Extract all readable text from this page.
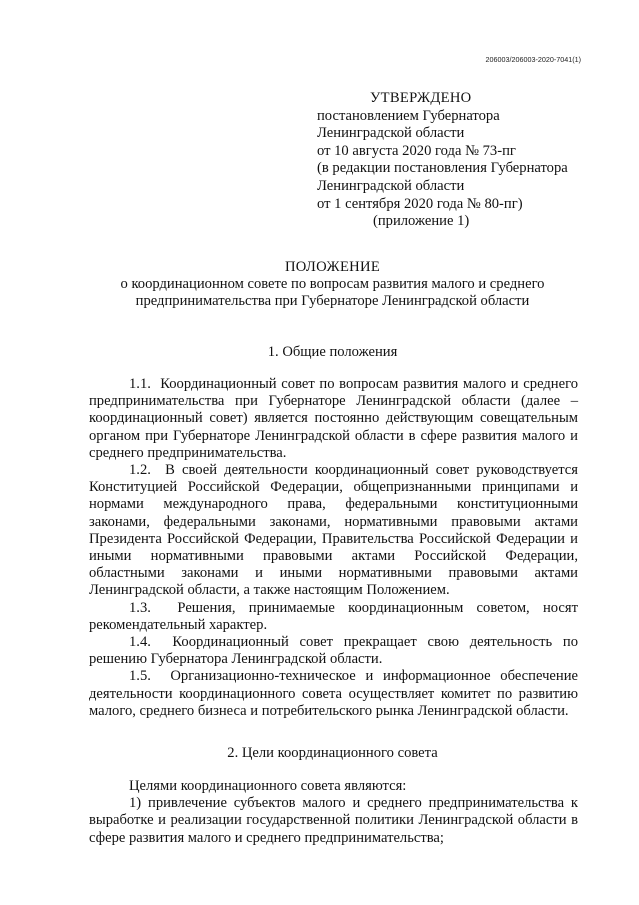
206003/206003-2020-7041(1)
УТВЕРЖДЕНО
постановлением Губернатора
Ленинградской области
от 10 августа 2020 года № 73-пг
(в редакции постановления Губернатора
Ленинградской области
от 1 сентября 2020 года № 80-пг)
(приложение 1)
ПОЛОЖЕНИЕ
о координационном совете по вопросам развития малого и среднего
предпринимательства при Губернаторе Ленинградской области
1. Общие положения

1.1.  Координационный совет по вопросам развития малого и среднего предпринимательства при Губернаторе Ленинградской области (далее – координационный совет) является постоянно действующим совещательным органом при Губернаторе Ленинградской области в сфере развития малого и среднего предпринимательства.

1.2.  В своей деятельности координационный совет руководствуется Конституцией Российской Федерации, общепризнанными принципами и нормами международного права, федеральными конституционными законами, федеральными законами, нормативными правовыми актами Президента Российской Федерации, Правительства Российской Федерации и иными нормативными правовыми актами Российской Федерации, областными законами и иными нормативными правовыми актами Ленинградской области, а также настоящим Положением.

1.3.  Решения, принимаемые координационным советом, носят рекомендательный характер.

1.4.  Координационный совет прекращает свою деятельность по решению Губернатора Ленинградской области.

1.5.  Организационно-техническое и информационное обеспечение деятельности координационного совета осуществляет комитет по развитию малого, среднего бизнеса и потребительского рынка Ленинградской области.

2. Цели координационного совета

Целями координационного совета являются:

1) привлечение субъектов малого и среднего предпринимательства к выработке и реализации государственной политики Ленинградской области в сфере развития малого и среднего предпринимательства;
